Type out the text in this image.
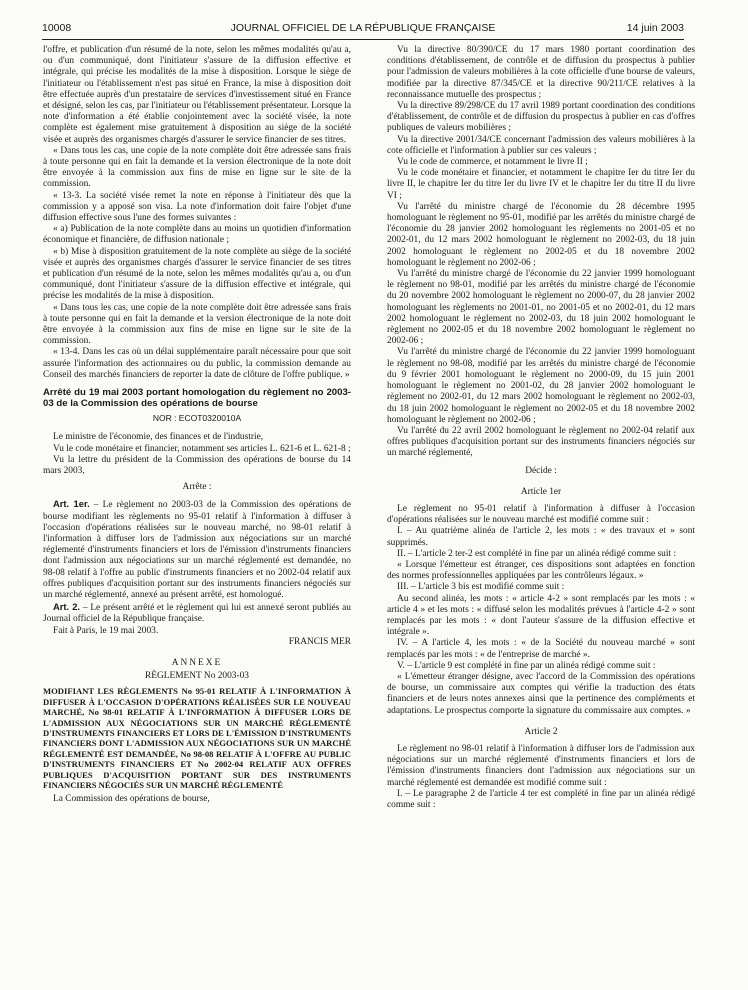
10008	JOURNAL OFFICIEL DE LA RÉPUBLIQUE FRANÇAISE	14 juin 2003

l'offre, et publication d'un résumé de la note, selon les mêmes modalités qu'au a, ou d'un communiqué, dont l'initiateur s'assure de la diffusion effective et intégrale, qui précise les modalités de la mise à disposition. Lorsque le siège de l'initiateur ou l'établissement n'est pas situé en France, la mise à disposition doit être effectuée auprès d'un prestataire de services d'investissement situé en France et désigné, selon les cas, par l'initiateur ou l'établissement présentateur. Lorsque la note d'information a été établie conjointement avec la société visée, la note complète est également mise gratuitement à disposition au siège de la société visée et auprès des organismes chargés d'assurer le service financier de ses titres.

« Dans tous les cas, une copie de la note complète doit être adressée sans frais à toute personne qui en fait la demande et la version électronique de la note doit être envoyée à la commission aux fins de mise en ligne sur le site de la commission.

« 13-3. La société visée remet la note en réponse à l'initiateur dès que la commission y a apposé son visa. La note d'information doit faire l'objet d'une diffusion effective sous l'une des formes suivantes :

« a) Publication de la note complète dans au moins un quotidien d'information économique et financière, de diffusion nationale ;

« b) Mise à disposition gratuitement de la note complète au siège de la société visée et auprès des organismes chargés d'assurer le service financier de ses titres et publication d'un résumé de la note, selon les mêmes modalités qu'au a, ou d'un communiqué, dont l'initiateur s'assure de la diffusion effective et intégrale, qui précise les modalités de la mise à disposition.

« Dans tous les cas, une copie de la note complète doit être adressée sans frais à toute personne qui en fait la demande et la version électronique de la note doit être envoyée à la commission aux fins de mise en ligne sur le site de la commission.

« 13-4. Dans les cas où un délai supplémentaire paraît nécessaire pour que soit assurée l'information des actionnaires ou du public, la commission demande au Conseil des marchés financiers de reporter la date de clôture de l'offre publique. »

Arrêté du 19 mai 2003 portant homologation du règlement no 2003-03 de la Commission des opérations de bourse

NOR : ECOT0320010A

Le ministre de l'économie, des finances et de l'industrie,

Vu le code monétaire et financier, notamment ses articles L. 621-6 et L. 621-8 ;

Vu la lettre du président de la Commission des opérations de bourse du 14 mars 2003,

Arrête :

Art. 1er. – Le règlement no 2003-03 de la Commission des opérations de bourse modifiant les règlements no 95-01 relatif à l'information à diffuser à l'occasion d'opérations réalisées sur le nouveau marché, no 98-01 relatif à l'information à diffuser lors de l'admission aux négociations sur un marché réglementé d'instruments financiers et lors de l'émission d'instruments financiers dont l'admission aux négociations sur un marché réglementé est demandée, no 98-08 relatif à l'offre au public d'instruments financiers et no 2002-04 relatif aux offres publiques d'acquisition portant sur des instruments financiers négociés sur un marché réglementé, annexé au présent arrêté, est homologué.

Art. 2. – Le présent arrêté et le règlement qui lui est annexé seront publiés au Journal officiel de la République française.

Fait à Paris, le 19 mai 2003.

FRANCIS MER

ANNEXE

RÈGLEMENT No 2003-03

MODIFIANT LES RÈGLEMENTS No 95-01 RELATIF À L'INFORMATION À DIFFUSER À L'OCCASION D'OPÉRATIONS RÉALISÉES SUR LE NOUVEAU MARCHÉ, No 98-01 RELATIF À L'INFORMATION À DIFFUSER LORS DE L'ADMISSION AUX NÉGOCIATIONS SUR UN MARCHÉ RÉGLEMENTÉ D'INSTRUMENTS FINANCIERS ET LORS DE L'ÉMISSION D'INSTRUMENTS FINANCIERS DONT L'ADMISSION AUX NÉGOCIATIONS SUR UN MARCHÉ RÉGLEMENTÉ EST DEMANDÉE, No 98-08 RELATIF À L'OFFRE AU PUBLIC D'INSTRUMENTS FINANCIERS ET No 2002-04 RELATIF AUX OFFRES PUBLIQUES D'ACQUISITION PORTANT SUR DES INSTRUMENTS FINANCIERS NÉGOCIÉS SUR UN MARCHÉ RÉGLEMENTÉ

La Commission des opérations de bourse,

Vu la directive 80/390/CE du 17 mars 1980 portant coordination des conditions d'établissement, de contrôle et de diffusion du prospectus à publier pour l'admission de valeurs mobilières à la cote officielle d'une bourse de valeurs, modifiée par la directive 87/345/CE et la directive 90/211/CE relatives à la reconnaissance mutuelle des prospectus ;

Vu la directive 89/298/CE du 17 avril 1989 portant coordination des conditions d'établissement, de contrôle et de diffusion du prospectus à publier en cas d'offres publiques de valeurs mobilières ;

Vu la directive 2001/34/CE concernant l'admission des valeurs mobilières à la cote officielle et l'information à publier sur ces valeurs ;

Vu le code de commerce, et notamment le livre II ;

Vu le code monétaire et financier, et notamment le chapitre Ier du titre Ier du livre II, le chapitre Ier du titre Ier du livre IV et le chapitre Ier du titre II du livre VI ;

Vu l'arrêté du ministre chargé de l'économie du 28 décembre 1995 homologuant le règlement no 95-01, modifié par les arrêtés du ministre chargé de l'économie du 28 janvier 2002 homologuant les règlements no 2001-05 et no 2002-01, du 12 mars 2002 homologuant le règlement no 2002-03, du 18 juin 2002 homologuant le règlement no 2002-05 et du 18 novembre 2002 homologuant le règlement no 2002-06 ;

Vu l'arrêté du ministre chargé de l'économie du 22 janvier 1999 homologuant le règlement no 98-01, modifié par les arrêtés du ministre chargé de l'économie du 20 novembre 2002 homologuant le règlement no 2000-07, du 28 janvier 2002 homologuant les règlements no 2001-01, no 2001-05 et no 2002-01, du 12 mars 2002 homologuant le règlement no 2002-03, du 18 juin 2002 homologuant le règlement no 2002-05 et du 18 novembre 2002 homologuant le règlement no 2002-06 ;

Vu l'arrêté du ministre chargé de l'économie du 22 janvier 1999 homologuant le règlement no 98-08, modifié par les arrêtés du ministre chargé de l'économie du 9 février 2001 homologuant le règlement no 2000-09, du 15 juin 2001 homologuant le règlement no 2001-02, du 28 janvier 2002 homologuant le règlement no 2002-01, du 12 mars 2002 homologuant le règlement no 2002-03, du 18 juin 2002 homologuant le règlement no 2002-05 et du 18 novembre 2002 homologuant le règlement no 2002-06 ;

Vu l'arrêté du 22 avril 2002 homologuant le règlement no 2002-04 relatif aux offres publiques d'acquisition portant sur des instruments financiers négociés sur un marché réglementé,

Décide :

Article 1er

Le règlement no 95-01 relatif à l'information à diffuser à l'occasion d'opérations réalisées sur le nouveau marché est modifié comme suit :

I. – Au quatrième alinéa de l'article 2, les mots : « des travaux et » sont supprimés.

II. – L'article 2 ter-2 est complété in fine par un alinéa rédigé comme suit :

« Lorsque l'émetteur est étranger, ces dispositions sont adaptées en fonction des normes professionnelles appliquées par les contrôleurs légaux. »

III. – L'article 3 bis est modifié comme suit :

Au second alinéa, les mots : « article 4-2 » sont remplacés par les mots : « article 4 » et les mots : « diffusé selon les modalités prévues à l'article 4-2 » sont remplacés par les mots : « dont l'auteur s'assure de la diffusion effective et intégrale ».

IV. – A l'article 4, les mots : « de la Société du nouveau marché » sont remplacés par les mots : « de l'entreprise de marché ».

V. – L'article 9 est complété in fine par un alinéa rédigé comme suit :

« L'émetteur étranger désigne, avec l'accord de la Commission des opérations de bourse, un commissaire aux comptes qui vérifie la traduction des états financiers et de leurs notes annexes ainsi que la pertinence des compléments et adaptations. Le prospectus comporte la signature du commissaire aux comptes. »

Article 2

Le règlement no 98-01 relatif à l'information à diffuser lors de l'admission aux négociations sur un marché réglementé d'instruments financiers et lors de l'émission d'instruments financiers dont l'admission aux négociations sur un marché réglementé est demandée est modifié comme suit :

I. – Le paragraphe 2 de l'article 4 ter est complété in fine par un alinéa rédigé comme suit :
